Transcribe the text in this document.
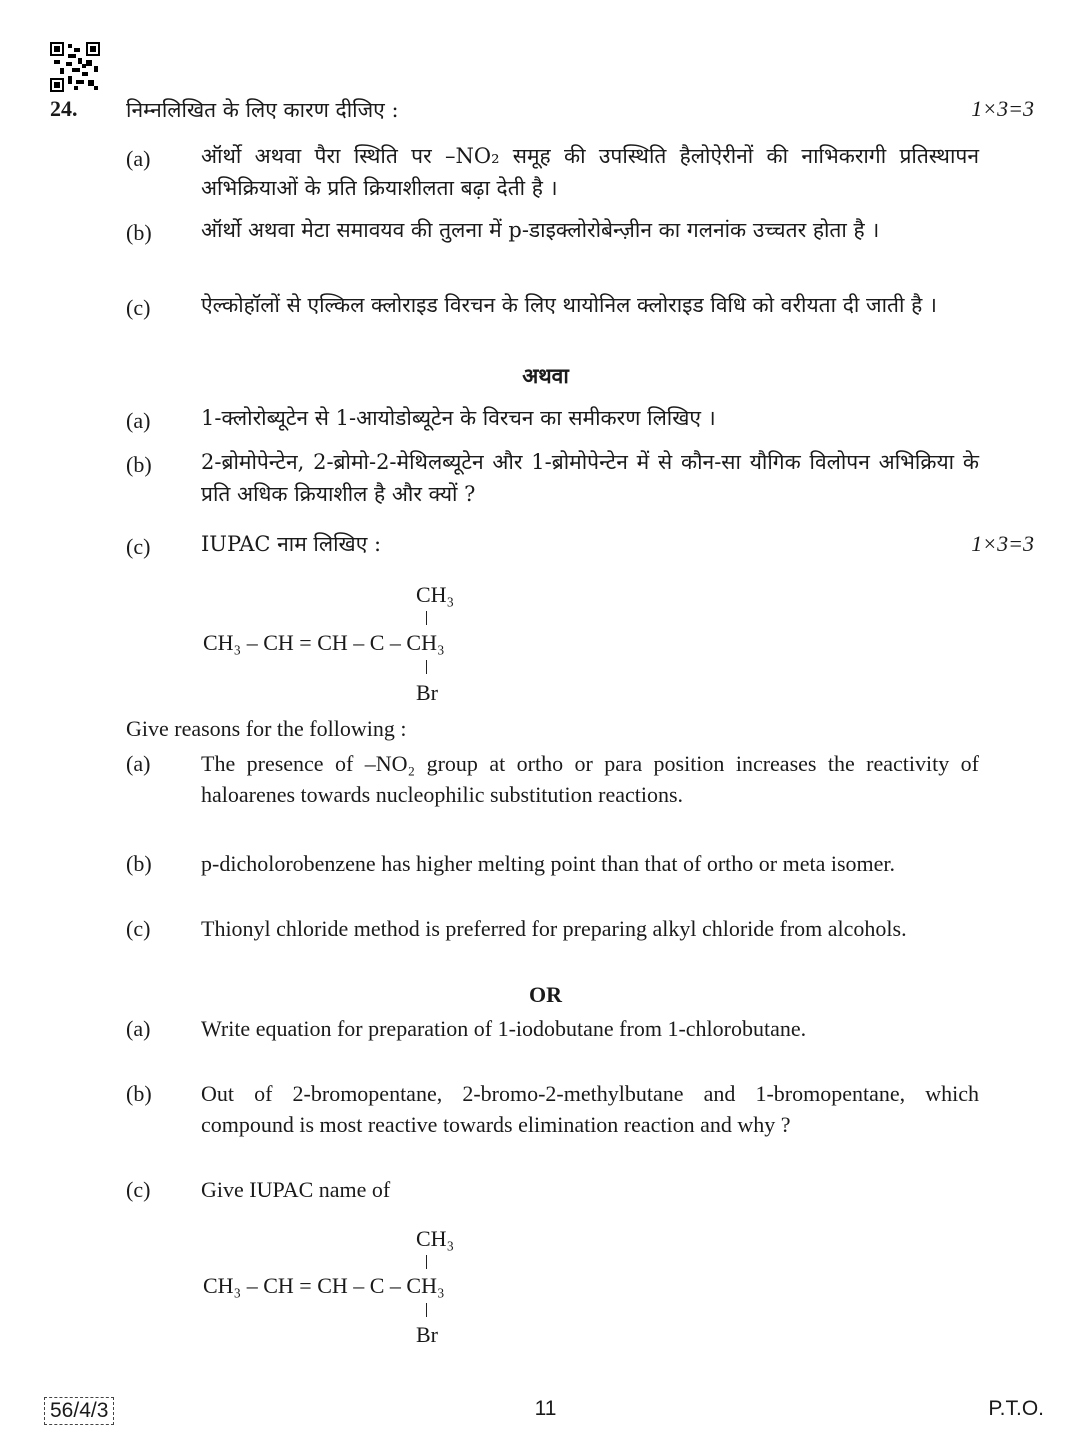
24. निम्नलिखित के लिए कारण दीजिए :	1×3=3
(a) ऑर्थो अथवा पैरा स्थिति पर –NO₂ समूह की उपस्थिति हैलोऐरीनों की नाभिकरागी प्रतिस्थापन अभिक्रियाओं के प्रति क्रियाशीलता बढ़ा देती है ।
(b) ऑर्थो अथवा मेटा समावयव की तुलना में p-डाइक्लोरोबेन्ज़ीन का गलनांक उच्चतर होता है ।
(c) ऐल्कोहॉलों से एल्किल क्लोराइड विरचन के लिए थायोनिल क्लोराइड विधि को वरीयता दी जाती है ।
अथवा
(a) 1-क्लोरोब्यूटेन से 1-आयोडोब्यूटेन के विरचन का समीकरण लिखिए ।
(b) 2-ब्रोमोपेन्टेन, 2-ब्रोमो-2-मेथिलब्यूटेन और 1-ब्रोमोपेन्टेन में से कौन-सा यौगिक विलोपन अभिक्रिया के प्रति अधिक क्रियाशील है और क्यों ?
(c) IUPAC नाम लिखिए :	1×3=3
CH₃
CH₃ – CH = CH – C – CH₃
Br
Give reasons for the following :
(a) The presence of –NO₂ group at ortho or para position increases the reactivity of haloarenes towards nucleophilic substitution reactions.
(b) p-dicholorobenzene has higher melting point than that of ortho or meta isomer.
(c) Thionyl chloride method is preferred for preparing alkyl chloride from alcohols.
OR
(a) Write equation for preparation of 1-iodobutane from 1-chlorobutane.
(b) Out of 2-bromopentane, 2-bromo-2-methylbutane and 1-bromopentane, which compound is most reactive towards elimination reaction and why ?
(c) Give IUPAC name of
CH₃
CH₃ – CH = CH – C – CH₃
Br
56/4/3	11	P.T.O.
